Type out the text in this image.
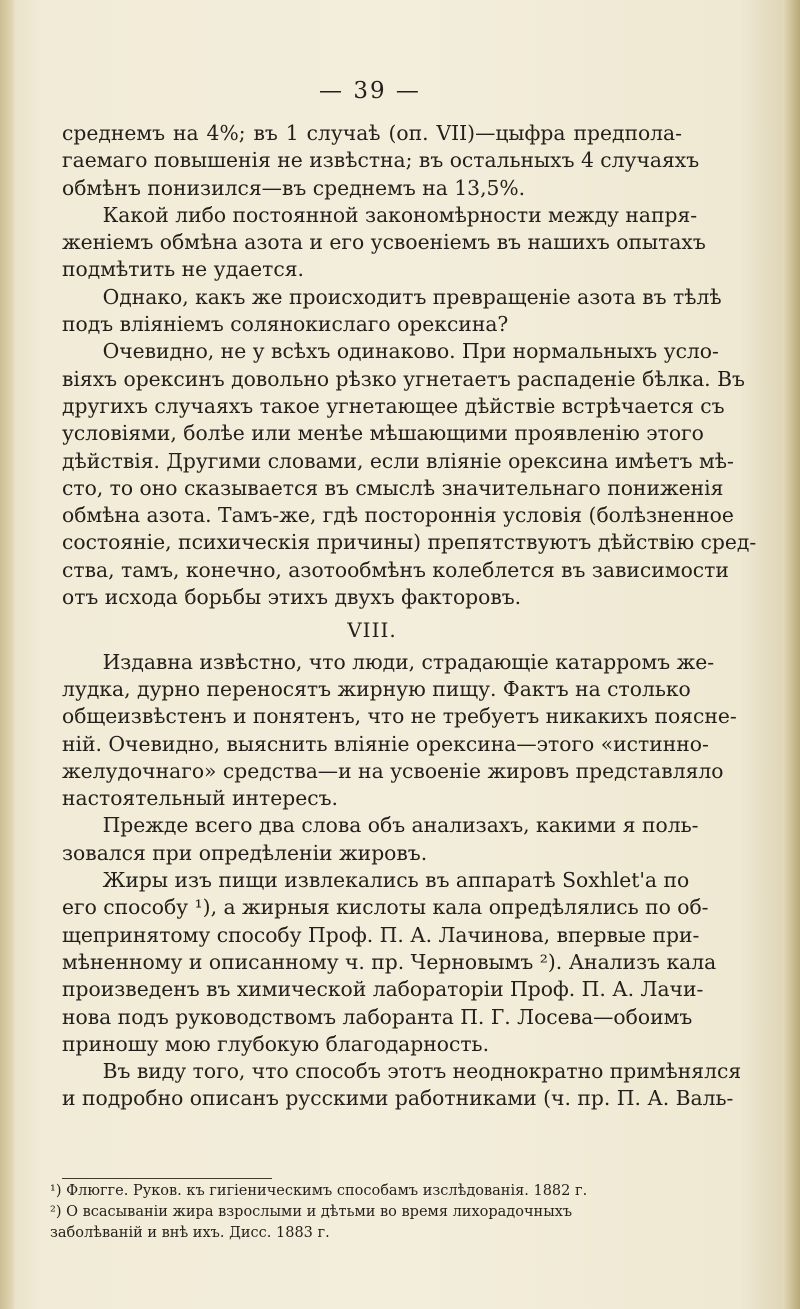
— 39 —
среднемъ на 4%; въ 1 случаѣ (оп. VII)—цыфра предпола-
гаемаго повышенія не извѣстна; въ остальныхъ 4 случаяхъ
обмѣнъ понизился—въ среднемъ на 13,5%.
Какой либо постоянной закономѣрности между напря-
женіемъ обмѣна азота и его усвоеніемъ въ нашихъ опытахъ
подмѣтить не удается.
Однако, какъ же происходитъ превращеніе азота въ тѣлѣ
подъ вліяніемъ солянокислаго орексина?
Очевидно, не у всѣхъ одинаково. При нормальныхъ усло-
віяхъ орексинъ довольно рѣзко угнетаетъ распаденіе бѣлка. Въ
другихъ случаяхъ такое угнетающее дѣйствіе встрѣчается съ
условіями, болѣе или менѣе мѣшающими проявленію этого
дѣйствія. Другими словами, если вліяніе орексина имѣетъ мѣ-
сто, то оно сказывается въ смыслѣ значительнаго пониженія
обмѣна азота. Тамъ-же, гдѣ постороннія условія (болѣзненное
состояніе, психическія причины) препятствуютъ дѣйствію сред-
ства, тамъ, конечно, азотообмѣнъ колеблется въ зависимости
отъ исхода борьбы этихъ двухъ факторовъ.
VIII.
Издавна извѣстно, что люди, страдающіе катарромъ же-
лудка, дурно переносятъ жирную пищу. Фактъ на столько
общеизвѣстенъ и понятенъ, что не требуетъ никакихъ поясне-
ній. Очевидно, выяснить вліяніе орексина—этого «истинно-
желудочнаго» средства—и на усвоеніе жировъ представляло
настоятельный интересъ.
Прежде всего два слова объ анализахъ, какими я поль-
зовался при опредѣленіи жировъ.
Жиры изъ пищи извлекались въ аппаратѣ Soxhlet'а по
его способу ¹), а жирныя кислоты кала опредѣлялись по об-
щепринятому способу Проф. П. А. Лачинова, впервые при-
мѣненному и описанному ч. пр. Черновымъ ²). Анализъ кала
произведенъ въ химической лабораторіи Проф. П. А. Лачи-
нова подъ руководствомъ лаборанта П. Г. Лосева—обоимъ
приношу мою глубокую благодарность.
Въ виду того, что способъ этотъ неоднократно примѣнялся
и подробно описанъ русскими работниками (ч. пр. П. А. Валь-
¹) Флюгге. Руков. къ гигіеническимъ способамъ изслѣдованія. 1882 г.
²) О всасываніи жира взрослыми и дѣтьми во время лихорадочныхъ
заболѣваній и внѣ ихъ. Дисс. 1883 г.
